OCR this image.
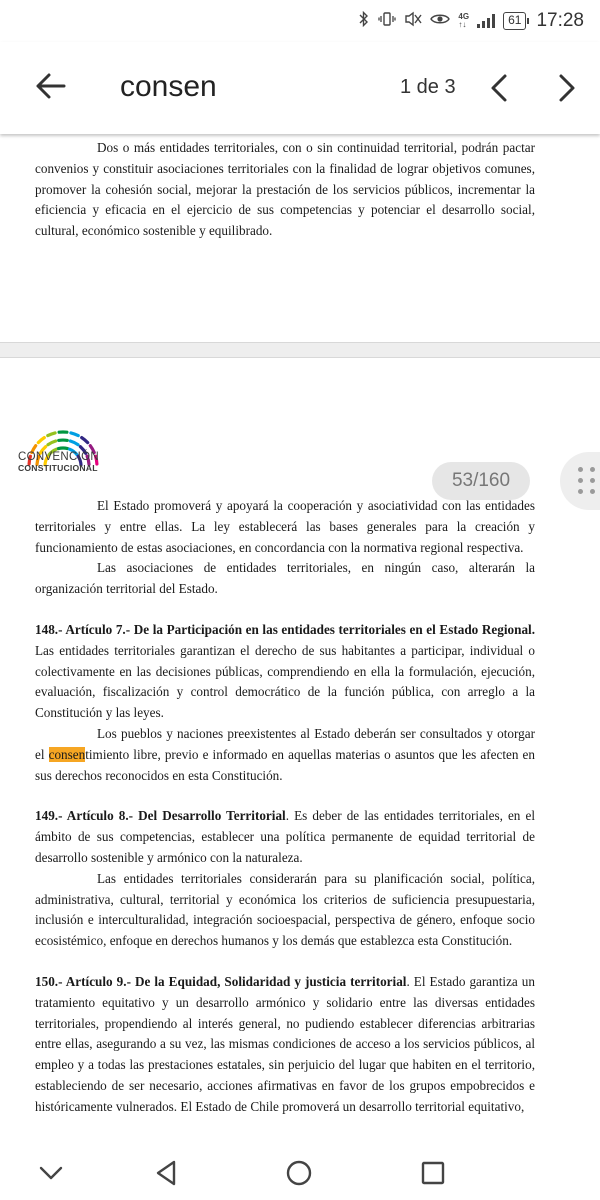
4G
↑↓	61 17:28
consen	1 de 3

Dos o más entidades territoriales, con o sin continuidad territorial, podrán pactar convenios y constituir asociaciones territoriales con la finalidad de lograr objetivos comunes, promover la cohesión social, mejorar la prestación de los servicios públicos, incrementar la eficiencia y eficacia en el ejercicio de sus competencias y potenciar el desarrollo social, cultural, económico sostenible y equilibrado.

CONVENCIÓN
CONSTITUCIONAL

El Estado promoverá y apoyará la cooperación y asociatividad con las entidades territoriales y entre ellas. La ley establecerá las bases generales para la creación y funcionamiento de estas asociaciones, en concordancia con la normativa regional respectiva.

Las asociaciones de entidades territoriales, en ningún caso, alterarán la organización territorial del Estado.

148.- Artículo 7.- De la Participación en las entidades territoriales en el Estado Regional. Las entidades territoriales garantizan el derecho de sus habitantes a participar, individual o colectivamente en las decisiones públicas, comprendiendo en ella la formulación, ejecución, evaluación, fiscalización y control democrático de la función pública, con arreglo a la Constitución y las leyes.

Los pueblos y naciones preexistentes al Estado deberán ser consultados y otorgar el consentimiento libre, previo e informado en aquellas materias o asuntos que les afecten en sus derechos reconocidos en esta Constitución.

149.- Artículo 8.- Del Desarrollo Territorial. Es deber de las entidades territoriales, en el ámbito de sus competencias, establecer una política permanente de equidad territorial de desarrollo sostenible y armónico con la naturaleza.

Las entidades territoriales considerarán para su planificación social, política, administrativa, cultural, territorial y económica los criterios de suficiencia presupuestaria, inclusión e interculturalidad, integración socioespacial, perspectiva de género, enfoque socio ecosistémico, enfoque en derechos humanos y los demás que establezca esta Constitución.

150.- Artículo 9.- De la Equidad, Solidaridad y justicia territorial. El Estado garantiza un tratamiento equitativo y un desarrollo armónico y solidario entre las diversas entidades territoriales, propendiendo al interés general, no pudiendo establecer diferencias arbitrarias entre ellas, asegurando a su vez, las mismas condiciones de acceso a los servicios públicos, al empleo y a todas las prestaciones estatales, sin perjuicio del lugar que habiten en el territorio, estableciendo de ser necesario, acciones afirmativas en favor de los grupos empobrecidos e históricamente vulnerados. El Estado de Chile promoverá un desarrollo territorial equitativo,

53/160
